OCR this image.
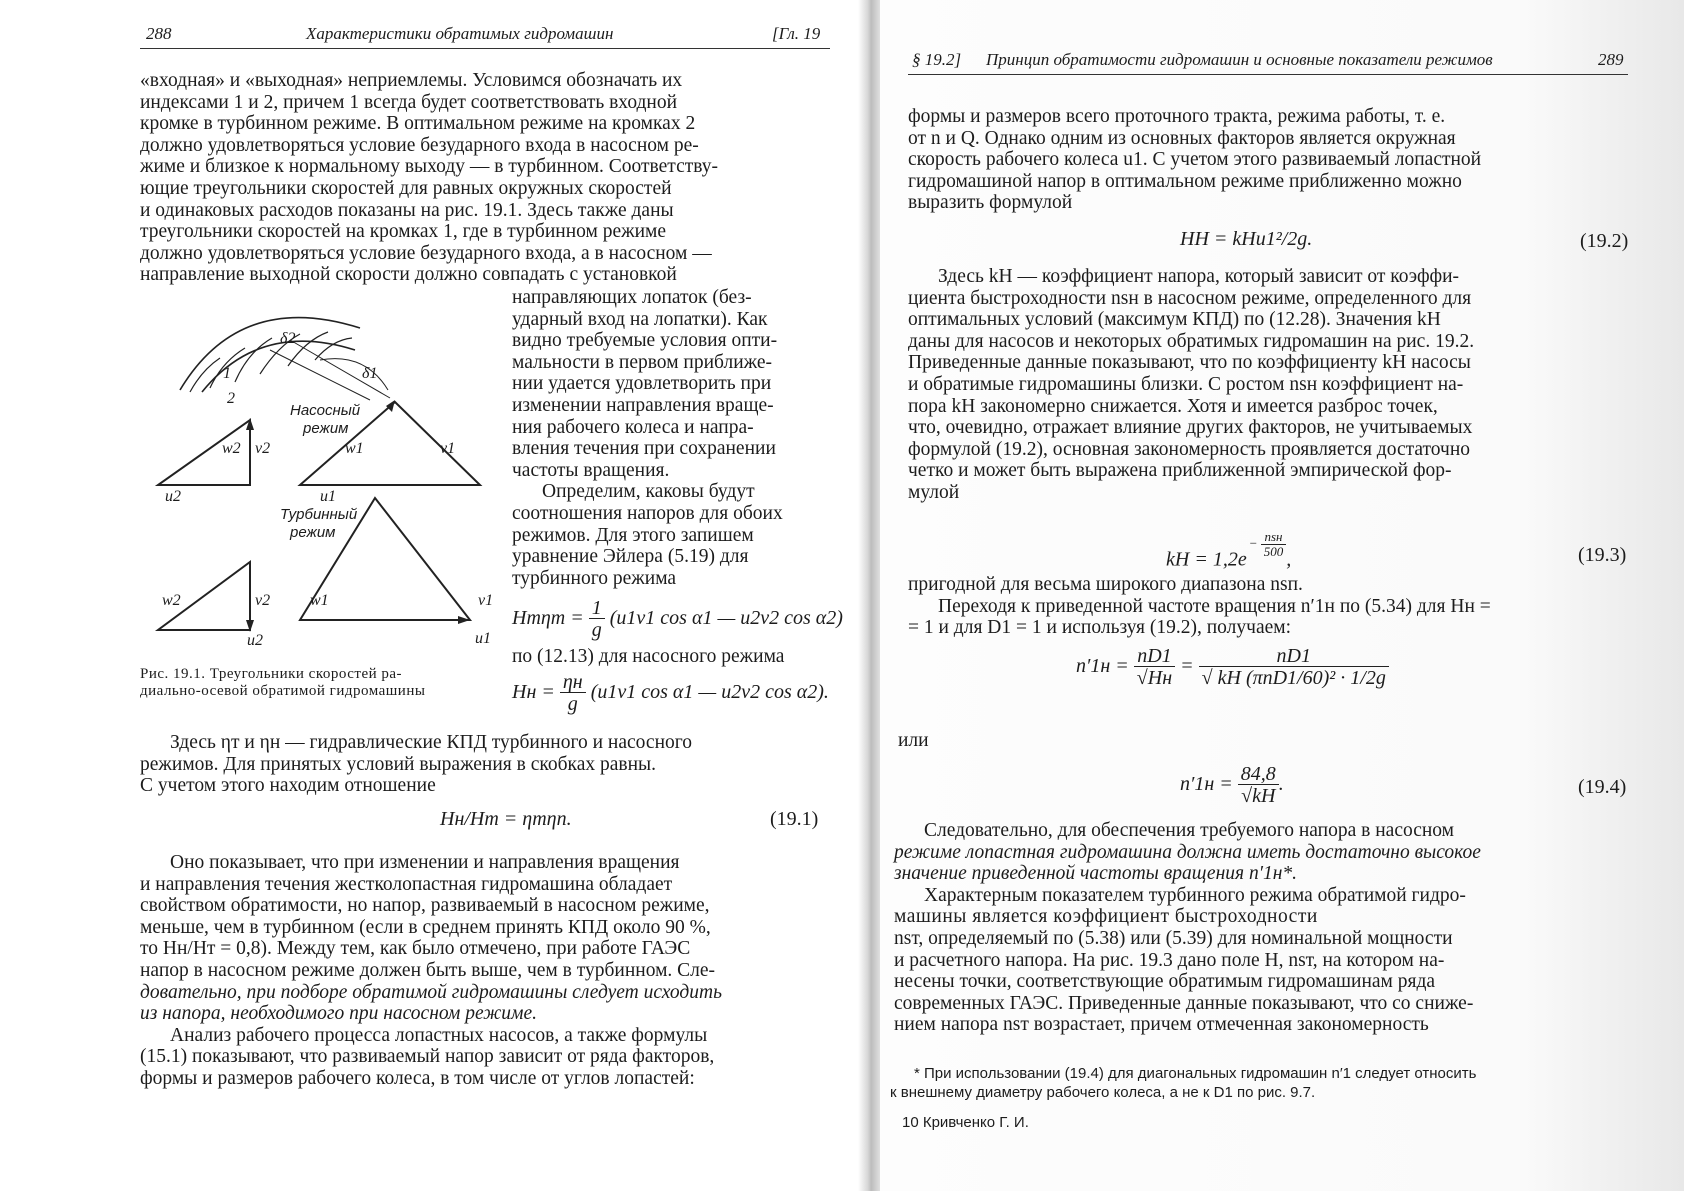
288	Характеристики обратимых гидромашин	[Гл. 19

«входная» и «выходная» неприемлемы. Условимся обозначать их

индексами 1 и 2, причем 1 всегда будет соответствовать входной

кромке в турбинном режиме. В оптимальном режиме на кромках 2

должно удовлетворяться условие безударного входа в насосном ре-

жиме и близкое к нормальному выходу — в турбинном. Соответству-

ющие треугольники скоростей для равных окружных скоростей

и одинаковых расходов показаны на рис. 19.1. Здесь также даны

треугольники скоростей на кромках 1, где в турбинном режиме

должно удовлетворяться условие безударного входа, а в насосном —

направление выходной скорости должно совпадать с установкой

направляющих лопаток (без-

ударный вход на лопатки). Как

видно требуемые условия опти-

мальности в первом приближе-

нии удается удовлетворить при

изменении направления враще-

ния рабочего колеса и напра-

вления течения при сохранении

частоты вращения.

Определим, каковы будут

соотношения напоров для обоих

режимов. Для этого запишем

уравнение Эйлера (5.19) для

турбинного режима

$Hт\eta т = \frac{1}{g} (u1v1$ cos α1 — u2v2 cos α2)
по (12.13) для насосного режима
Hн = $\frac{\eta н}{g} (u1v1$ cos α1 — u2v2 cos α2).
1
2
δ2
δ1
Насосный
режим
w2 v2	w1	v1
u2	u1
Турбинный
режим
w2	v2 w1	v1
u2	u1
Рис. 19.1. Треугольники скоростей ра-
диально-осевой обратимой гидромашины

Здесь ηт и ηн — гидравлические КПД турбинного и насосного

режимов. Для принятых условий выражения в скобках равны.

С учетом этого находим отношение

Hн/Hт = ηтηп.	(19.1)

Оно показывает, что при изменении и направления вращения

и направления течения жестколопастная гидромашина обладает

свойством обратимости, но напор, развиваемый в насосном режиме,

меньше, чем в турбинном (если в среднем принять КПД около 90 %,

то Hн/Hт = 0,8). Между тем, как было отмечено, при работе ГАЭС

напор в насосном режиме должен быть выше, чем в турбинном. Сле-

довательно, при подборе обратимой гидромашины следует исходить

из напора, необходимого при насосном режиме.

Анализ рабочего процесса лопастных насосов, а также формулы

(15.1) показывают, что развиваемый напор зависит от ряда факторов,

формы и размеров рабочего колеса, в том числе от углов лопастей:

§ 19.2] Принцип обратимости гидромашин и основные показатели режимов	289

формы и размеров всего проточного тракта, режима работы, т. е.

от n и Q. Однако одним из основных факторов является окружная

скорость рабочего колеса u1. С учетом этого развиваемый лопастной

гидромашиной напор в оптимальном режиме приближенно можно

выразить формулой

HH = kHu1²/2g.	(19.2)

Здесь kH — коэффициент напора, который зависит от коэффи-

циента быстроходности nsн в насосном режиме, определенного для

оптимальных условий (максимум КПД) по (12.28). Значения kH

даны для насосов и некоторых обратимых гидромашин на рис. 19.2.

Приведенные данные показывают, что по коэффициенту kH насосы

и обратимые гидромашины близки. С ростом nsн коэффициент на-

пора kH закономерно снижается. Хотя и имеется разброс точек,

что, очевидно, отражает влияние других факторов, не учитываемых

формулой (19.2), основная закономерность проявляется достаточно

четко и может быть выражена приближенной эмпирической фор-

мулой

kH = $1,2e- \frac{\text{nsн}}{500}$
,	(19.3)

пригодной для весьма широкого диапазона nsп.

Переходя к приведенной частоте вращения n′1н по (5.34) для Hн =

= 1 и для D1 = 1 и используя (19.2), получаем:

$n'1н = \frac{nD1}{√Hн} = \frac{nD1}{\text{√ kH (πnD1/60)² · 1/2g}}$
или
$n'1н = \frac{84,8}{√kH}$ .	(19.4)

Следовательно, для обеспечения требуемого напора в насосном

режиме лопастная гидромашина должна иметь достаточно высокое

значение приведенной частоты вращения n′1н*.

Характерным показателем турбинного режима обратимой гидро-

машины является коэффициент быстроходности

nsт, определяемый по (5.38) или (5.39) для номинальной мощности

и расчетного напора. На рис. 19.3 дано поле H, nsт, на котором на-

несены точки, соответствующие обратимым гидромашинам ряда

современных ГАЭС. Приведенные данные показывают, что со сниже-

нием напора nsт возрастает, причем отмеченная закономерность

* При использовании (19.4) для диагональных гидромашин n′1 следует относить
к внешнему диаметру рабочего колеса, а не к D1 по рис. 9.7.
10 Кривченко Г. И.
